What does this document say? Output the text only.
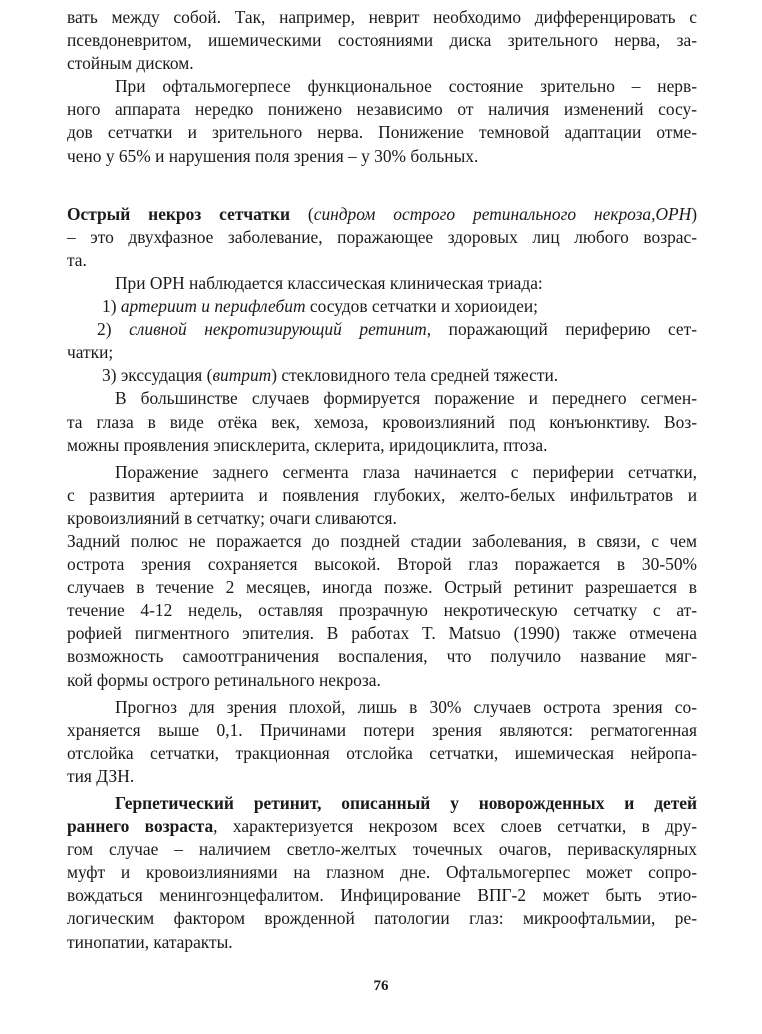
вать между собой. Так, например, неврит необходимо дифференцировать с
псевдоневритом, ишемическими состояниями диска зрительного нерва, за-
стойным диском.
При офтальмогерпесе функциональное состояние зрительно – нерв-
ного аппарата нередко понижено независимо от наличия изменений сосу-
дов сетчатки и зрительного нерва. Понижение темновой адаптации отме-
чено у 65% и нарушения поля зрения – у 30% больных.
Острый некроз сетчатки (синдром острого ретинального некроза,ОРН)
– это двухфазное заболевание, поражающее здоровых лиц любого возрас-
та.
При ОРН наблюдается классическая клиническая триада:
1) артериит и перифлебит сосудов сетчатки и хориоидеи;
2) сливной некротизирующий ретинит, поражающий периферию сет-
чатки;
3) экссудация (витрит) стекловидного тела средней тяжести.
В большинстве случаев формируется поражение и переднего сегмен-
та глаза в виде отёка век, хемоза, кровоизлияний под конъюнктиву. Воз-
можны проявления эписклерита, склерита, иридоциклита, птоза.
Поражение заднего сегмента глаза начинается с периферии сетчатки,
с развития артериита и появления глубоких, желто-белых инфильтратов и
кровоизлияний в сетчатку; очаги сливаются.
Задний полюс не поражается до поздней стадии заболевания, в связи, с чем
острота зрения сохраняется высокой. Второй глаз поражается в 30-50%
случаев в течение 2 месяцев, иногда позже. Острый ретинит разрешается в
течение 4-12 недель, оставляя прозрачную некротическую сетчатку с ат-
рофией пигментного эпителия. В работах T. Matsuo (1990) также отмечена
возможность самоотграничения воспаления, что получило название мяг-
кой формы острого ретинального некроза.
Прогноз для зрения плохой, лишь в 30% случаев острота зрения со-
храняется выше 0,1. Причинами потери зрения являются: регматогенная
отслойка сетчатки, тракционная отслойка сетчатки, ишемическая нейропа-
тия ДЗН.
Герпетический ретинит, описанный у новорожденных и детей
раннего возраста, характеризуется некрозом всех слоев сетчатки, в дру-
гом случае – наличием светло-желтых точечных очагов, периваскулярных
муфт и кровоизлияниями на глазном дне. Офтальмогерпес может сопро-
вождаться менингоэнцефалитом. Инфицирование ВПГ-2 может быть этио-
логическим фактором врожденной патологии глаз: микроофтальмии, ре-
тинопатии, катаракты.
76
